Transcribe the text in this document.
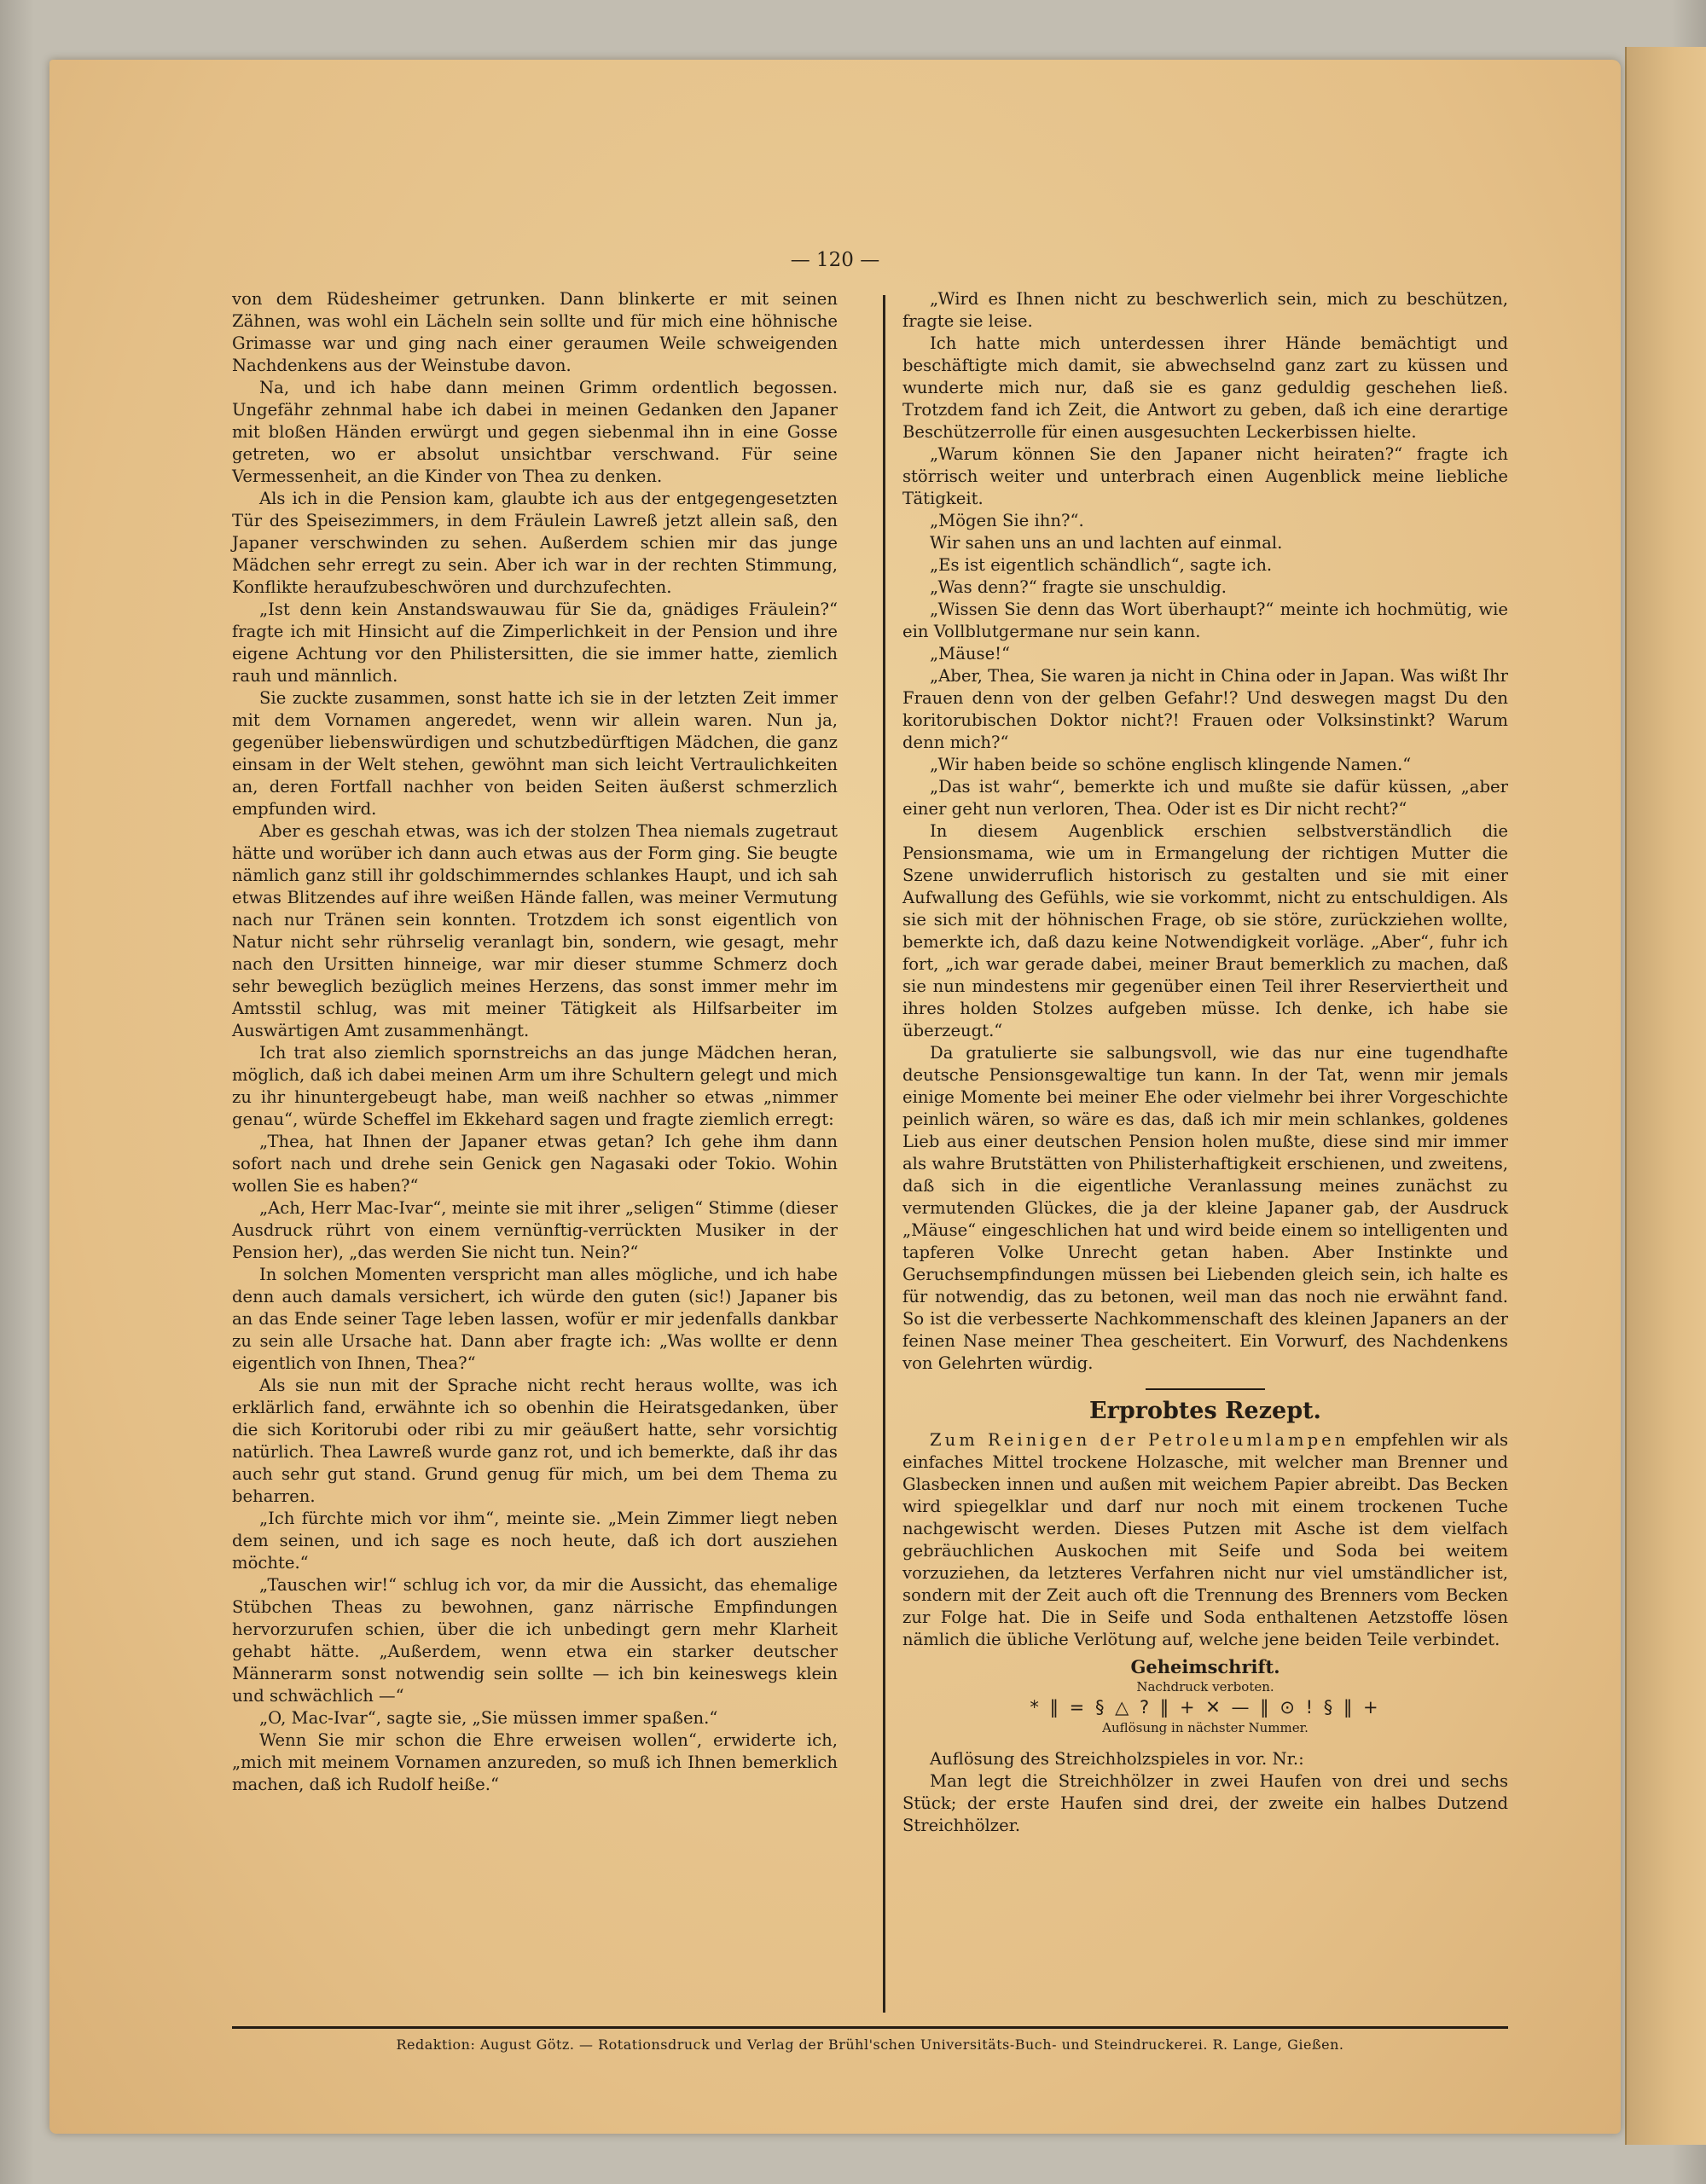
— 120 —

von dem Rüdesheimer getrunken. Dann blinkerte er mit seinen Zähnen, was wohl ein Lächeln sein sollte und für mich eine höhnische Grimasse war und ging nach einer geraumen Weile schweigenden Nachdenkens aus der Weinstube davon.

Na, und ich habe dann meinen Grimm ordentlich begossen. Ungefähr zehnmal habe ich dabei in meinen Gedanken den Japaner mit bloßen Händen erwürgt und gegen siebenmal ihn in eine Gosse getreten, wo er absolut unsichtbar verschwand. Für seine Vermessenheit, an die Kinder von Thea zu denken.

Als ich in die Pension kam, glaubte ich aus der entgegengesetzten Tür des Speisezimmers, in dem Fräulein Lawreß jetzt allein saß, den Japaner verschwinden zu sehen. Außerdem schien mir das junge Mädchen sehr erregt zu sein. Aber ich war in der rechten Stimmung, Konflikte heraufzubeschwören und durchzufechten.

„Ist denn kein Anstandswauwau für Sie da, gnädiges Fräulein?“ fragte ich mit Hinsicht auf die Zimperlichkeit in der Pension und ihre eigene Achtung vor den Philistersitten, die sie immer hatte, ziemlich rauh und männlich.

Sie zuckte zusammen, sonst hatte ich sie in der letzten Zeit immer mit dem Vornamen angeredet, wenn wir allein waren. Nun ja, gegenüber liebenswürdigen und schutzbedürftigen Mädchen, die ganz einsam in der Welt stehen, gewöhnt man sich leicht Vertraulichkeiten an, deren Fortfall nachher von beiden Seiten äußerst schmerzlich empfunden wird.

Aber es geschah etwas, was ich der stolzen Thea niemals zugetraut hätte und worüber ich dann auch etwas aus der Form ging. Sie beugte nämlich ganz still ihr goldschimmerndes schlankes Haupt, und ich sah etwas Blitzendes auf ihre weißen Hände fallen, was meiner Vermutung nach nur Tränen sein konnten. Trotzdem ich sonst eigentlich von Natur nicht sehr rührselig veranlagt bin, sondern, wie gesagt, mehr nach den Ursitten hinneige, war mir dieser stumme Schmerz doch sehr beweglich bezüglich meines Herzens, das sonst immer mehr im Amtsstil schlug, was mit meiner Tätigkeit als Hilfsarbeiter im Auswärtigen Amt zusammenhängt.

Ich trat also ziemlich spornstreichs an das junge Mädchen heran, möglich, daß ich dabei meinen Arm um ihre Schultern gelegt und mich zu ihr hinuntergebeugt habe, man weiß nachher so etwas „nimmer genau“, würde Scheffel im Ekkehard sagen und fragte ziemlich erregt:

„Thea, hat Ihnen der Japaner etwas getan? Ich gehe ihm dann sofort nach und drehe sein Genick gen Nagasaki oder Tokio. Wohin wollen Sie es haben?“

„Ach, Herr Mac-Ivar“, meinte sie mit ihrer „seligen“ Stimme (dieser Ausdruck rührt von einem vernünftig-verrückten Musiker in der Pension her), „das werden Sie nicht tun. Nein?“

In solchen Momenten verspricht man alles mögliche, und ich habe denn auch damals versichert, ich würde den guten (sic!) Japaner bis an das Ende seiner Tage leben lassen, wofür er mir jedenfalls dankbar zu sein alle Ursache hat. Dann aber fragte ich: „Was wollte er denn eigentlich von Ihnen, Thea?“

Als sie nun mit der Sprache nicht recht heraus wollte, was ich erklärlich fand, erwähnte ich so obenhin die Heiratsgedanken, über die sich Koritorubi oder ribi zu mir geäußert hatte, sehr vorsichtig natürlich. Thea Lawreß wurde ganz rot, und ich bemerkte, daß ihr das auch sehr gut stand. Grund genug für mich, um bei dem Thema zu beharren.

„Ich fürchte mich vor ihm“, meinte sie. „Mein Zimmer liegt neben dem seinen, und ich sage es noch heute, daß ich dort ausziehen möchte.“

„Tauschen wir!“ schlug ich vor, da mir die Aussicht, das ehemalige Stübchen Theas zu bewohnen, ganz närrische Empfindungen hervorzurufen schien, über die ich unbedingt gern mehr Klarheit gehabt hätte. „Außerdem, wenn etwa ein starker deutscher Männerarm sonst notwendig sein sollte — ich bin keineswegs klein und schwächlich —“

„O, Mac-Ivar“, sagte sie, „Sie müssen immer spaßen.“

Wenn Sie mir schon die Ehre erweisen wollen“, erwiderte ich, „mich mit meinem Vornamen anzureden, so muß ich Ihnen bemerklich machen, daß ich Rudolf heiße.“

„Wird es Ihnen nicht zu beschwerlich sein, mich zu beschützen, fragte sie leise.

Ich hatte mich unterdessen ihrer Hände bemächtigt und beschäftigte mich damit, sie abwechselnd ganz zart zu küssen und wunderte mich nur, daß sie es ganz geduldig geschehen ließ. Trotzdem fand ich Zeit, die Antwort zu geben, daß ich eine derartige Beschützerrolle für einen ausgesuchten Leckerbissen hielte.

„Warum können Sie den Japaner nicht heiraten?“ fragte ich störrisch weiter und unterbrach einen Augenblick meine liebliche Tätigkeit.

„Mögen Sie ihn?“.

Wir sahen uns an und lachten auf einmal.

„Es ist eigentlich schändlich“, sagte ich.

„Was denn?“ fragte sie unschuldig.

„Wissen Sie denn das Wort überhaupt?“ meinte ich hochmütig, wie ein Vollblutgermane nur sein kann.

„Mäuse!“

„Aber, Thea, Sie waren ja nicht in China oder in Japan. Was wißt Ihr Frauen denn von der gelben Gefahr!? Und deswegen magst Du den koritorubischen Doktor nicht?! Frauen oder Volksinstinkt? Warum denn mich?“

„Wir haben beide so schöne englisch klingende Namen.“

„Das ist wahr“, bemerkte ich und mußte sie dafür küssen, „aber einer geht nun verloren, Thea. Oder ist es Dir nicht recht?“

In diesem Augenblick erschien selbstverständlich die Pensionsmama, wie um in Ermangelung der richtigen Mutter die Szene unwiderruflich historisch zu gestalten und sie mit einer Aufwallung des Gefühls, wie sie vorkommt, nicht zu entschuldigen. Als sie sich mit der höhnischen Frage, ob sie störe, zurückziehen wollte, bemerkte ich, daß dazu keine Notwendigkeit vorläge. „Aber“, fuhr ich fort, „ich war gerade dabei, meiner Braut bemerklich zu machen, daß sie nun mindestens mir gegenüber einen Teil ihrer Reserviertheit und ihres holden Stolzes aufgeben müsse. Ich denke, ich habe sie überzeugt.“

Da gratulierte sie salbungsvoll, wie das nur eine tugendhafte deutsche Pensionsgewaltige tun kann. In der Tat, wenn mir jemals einige Momente bei meiner Ehe oder vielmehr bei ihrer Vorgeschichte peinlich wären, so wäre es das, daß ich mir mein schlankes, goldenes Lieb aus einer deutschen Pension holen mußte, diese sind mir immer als wahre Brutstätten von Philisterhaftigkeit erschienen, und zweitens, daß sich in die eigentliche Veranlassung meines zunächst zu vermutenden Glückes, die ja der kleine Japaner gab, der Ausdruck „Mäuse“ eingeschlichen hat und wird beide einem so intelligenten und tapferen Volke Unrecht getan haben. Aber Instinkte und Geruchsempfindungen müssen bei Liebenden gleich sein, ich halte es für notwendig, das zu betonen, weil man das noch nie erwähnt fand. So ist die verbesserte Nachkommenschaft des kleinen Japaners an der feinen Nase meiner Thea gescheitert. Ein Vorwurf, des Nachdenkens von Gelehrten würdig.

Erprobtes Rezept.

Zum Reinigen der Petroleumlampen empfehlen wir als einfaches Mittel trockene Holzasche, mit welcher man Brenner und Glasbecken innen und außen mit weichem Papier abreibt. Das Becken wird spiegelklar und darf nur noch mit einem trockenen Tuche nachgewischt werden. Dieses Putzen mit Asche ist dem vielfach gebräuchlichen Auskochen mit Seife und Soda bei weitem vorzuziehen, da letzteres Verfahren nicht nur viel umständlicher ist, sondern mit der Zeit auch oft die Trennung des Brenners vom Becken zur Folge hat. Die in Seife und Soda enthaltenen Aetzstoffe lösen nämlich die übliche Verlötung auf, welche jene beiden Teile verbindet.

Geheimschrift.
Nachdruck verboten.
* ‖ = § △ ? ‖ + ✕ — ‖ ⊙ ! § ‖ +
Auflösung in nächster Nummer.

Auflösung des Streichholzspieles in vor. Nr.:

Man legt die Streichhölzer in zwei Haufen von drei und sechs Stück; der erste Haufen sind drei, der zweite ein halbes Dutzend Streichhölzer.

Redaktion: August Götz. — Rotationsdruck und Verlag der Brühl'schen Universitäts-Buch- und Steindruckerei. R. Lange, Gießen.
